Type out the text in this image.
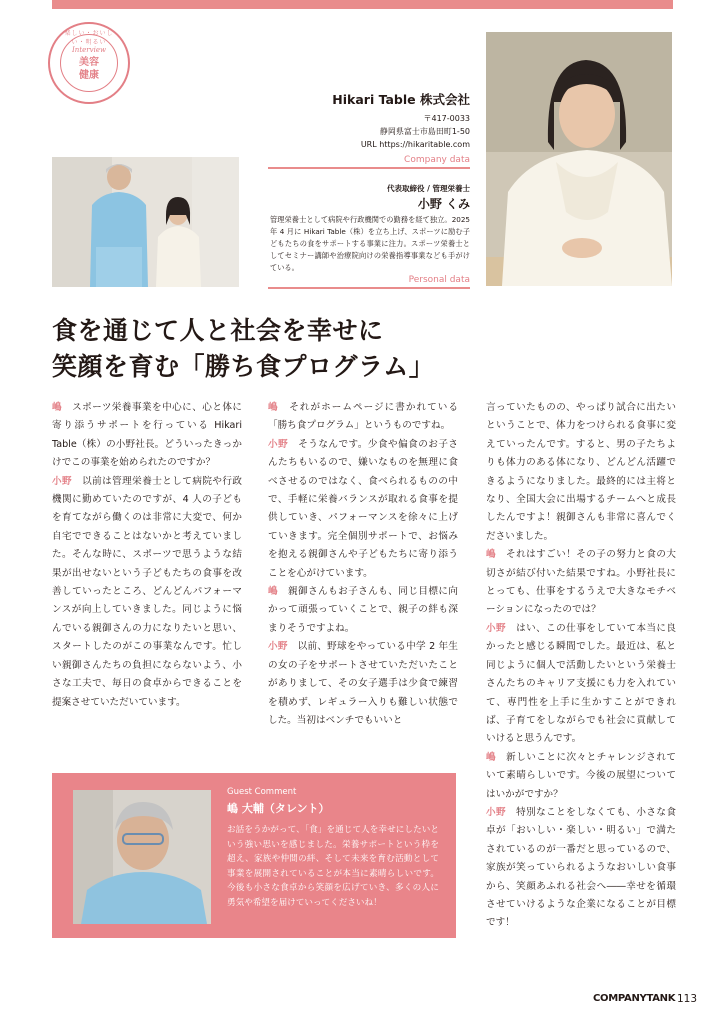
楽しい・おいしい・明るい
Interview
美容
健康
Hikari Table 株式会社
〒417-0033
静岡県富士市島田町1-50
URL https://hikaritable.com
Company data
代表取締役 / 管理栄養士
小野 くみ
管理栄養士として病院や行政機関での勤務を経て独立。2025 年 4 月に Hikari Table（株）を立ち上げ、スポーツに励む子どもたちの食をサポートする事業に注力。スポーツ栄養士としてセミナー講師や治療院向けの栄養指導事業なども手がけている。
Personal data
食を通じて人と社会を幸せに
笑顔を育む「勝ち食プログラム」

嶋　スポーツ栄養事業を中心に、心と体に寄り添うサポートを行っている Hikari Table（株）の小野社長。どういったきっかけでこの事業を始められたのですか？

小野　以前は管理栄養士として病院や行政機関に勤めていたのですが、4 人の子どもを育てながら働くのは非常に大変で、何か自宅でできることはないかと考えていました。そんな時に、スポーツで思うような結果が出せないという子どもたちの食事を改善していったところ、どんどんパフォーマンスが向上していきました。同じように悩んでいる親御さんの力になりたいと思い、スタートしたのがこの事業なんです。忙しい親御さんたちの負担にならないよう、小さな工夫で、毎日の食卓からできることを提案させていただいています。

嶋　それがホームページに書かれている「勝ち食プログラム」というものですね。

小野　そうなんです。少食や偏食のお子さんたちもいるので、嫌いなものを無理に食べさせるのではなく、食べられるものの中で、手軽に栄養バランスが取れる食事を提供していき、パフォーマンスを徐々に上げていきます。完全個別サポートで、お悩みを抱える親御さんや子どもたちに寄り添うことを心がけています。

嶋　親御さんもお子さんも、同じ目標に向かって頑張っていくことで、親子の絆も深まりそうですよね。

小野　以前、野球をやっている中学 2 年生の女の子をサポートさせていただいたことがありまして、その女子選手は少食で練習を積めず、レギュラー入りも難しい状態でした。当初はベンチでもいいと

言っていたものの、やっぱり試合に出たいということで、体力をつけられる食事に変えていったんです。すると、男の子たちよりも体力のある体になり、どんどん活躍できるようになりました。最終的には主将となり、全国大会に出場するチームへと成長したんですよ！親御さんも非常に喜んでくださいました。

嶋　それはすごい！その子の努力と食の大切さが結び付いた結果ですね。小野社長にとっても、仕事をするうえで大きなモチベーションになったのでは？

小野　はい、この仕事をしていて本当に良かったと感じる瞬間でした。最近は、私と同じように個人で活動したいという栄養士さんたちのキャリア支援にも力を入れていて、専門性を上手に生かすことができれば、子育てをしながらでも社会に貢献していけると思うんです。

嶋　新しいことに次々とチャレンジされていて素晴らしいです。今後の展望についてはいかがですか？

小野　特別なことをしなくても、小さな食卓が「おいしい・楽しい・明るい」で満たされているのが一番だと思っているので、家族が笑っていられるようなおいしい食事から、笑顔あふれる社会へ――幸せを循環させていけるような企業になることが目標です！

Guest Comment
嶋 大輔（タレント）
お話をうかがって、「食」を通じて人を幸せにしたいという強い思いを感じました。栄養サポートという枠を超え、家族や仲間の絆、そして未来を育む活動として事業を展開されていることが本当に素晴らしいです。今後も小さな食卓から笑顔を広げていき、多くの人に勇気や希望を届けていってくださいね！
COMPANYTANK 113
